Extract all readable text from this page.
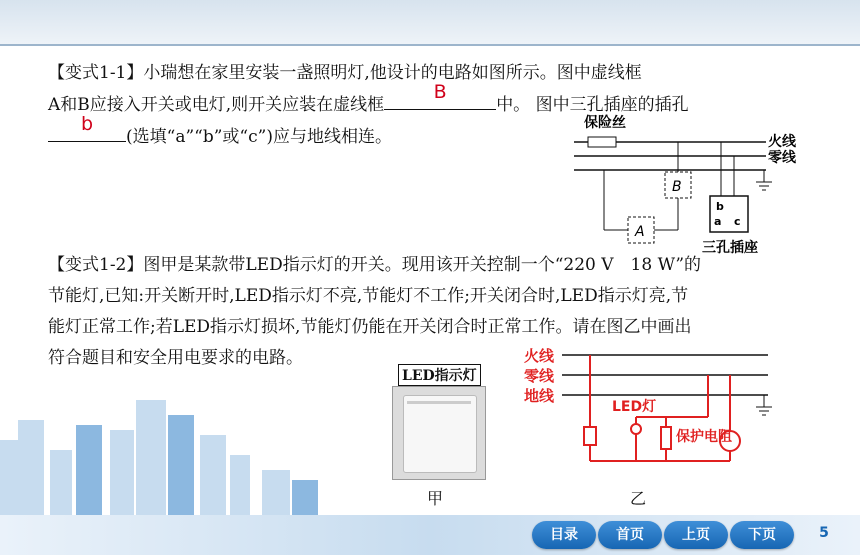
【变式1-1】小瑞想在家里安装一盏照明灯,他设计的电路如图所示。图中虚线框
A和B应接入开关或电灯,则开关应装在虚线框
B
中。 图中三孔插座的插孔
b
(选填“a”“b”或“c”)应与地线相连。
保险丝
火线
零线
A
B
b
a c
三孔插座
【变式1-2】图甲是某款带LED指示灯的开关。现用该开关控制一个“220 V　18 W”的
节能灯,已知:开关断开时,LED指示灯不亮,节能灯不工作;开关闭合时,LED指示灯亮,节
能灯正常工作;若LED指示灯损坏,节能灯仍能在开关闭合时正常工作。请在图乙中画出
符合题目和安全用电要求的电路。
LED指示灯
甲
火线
零线
地线
LED灯
保护电阻
乙
目录	首页	上页	下页	5
